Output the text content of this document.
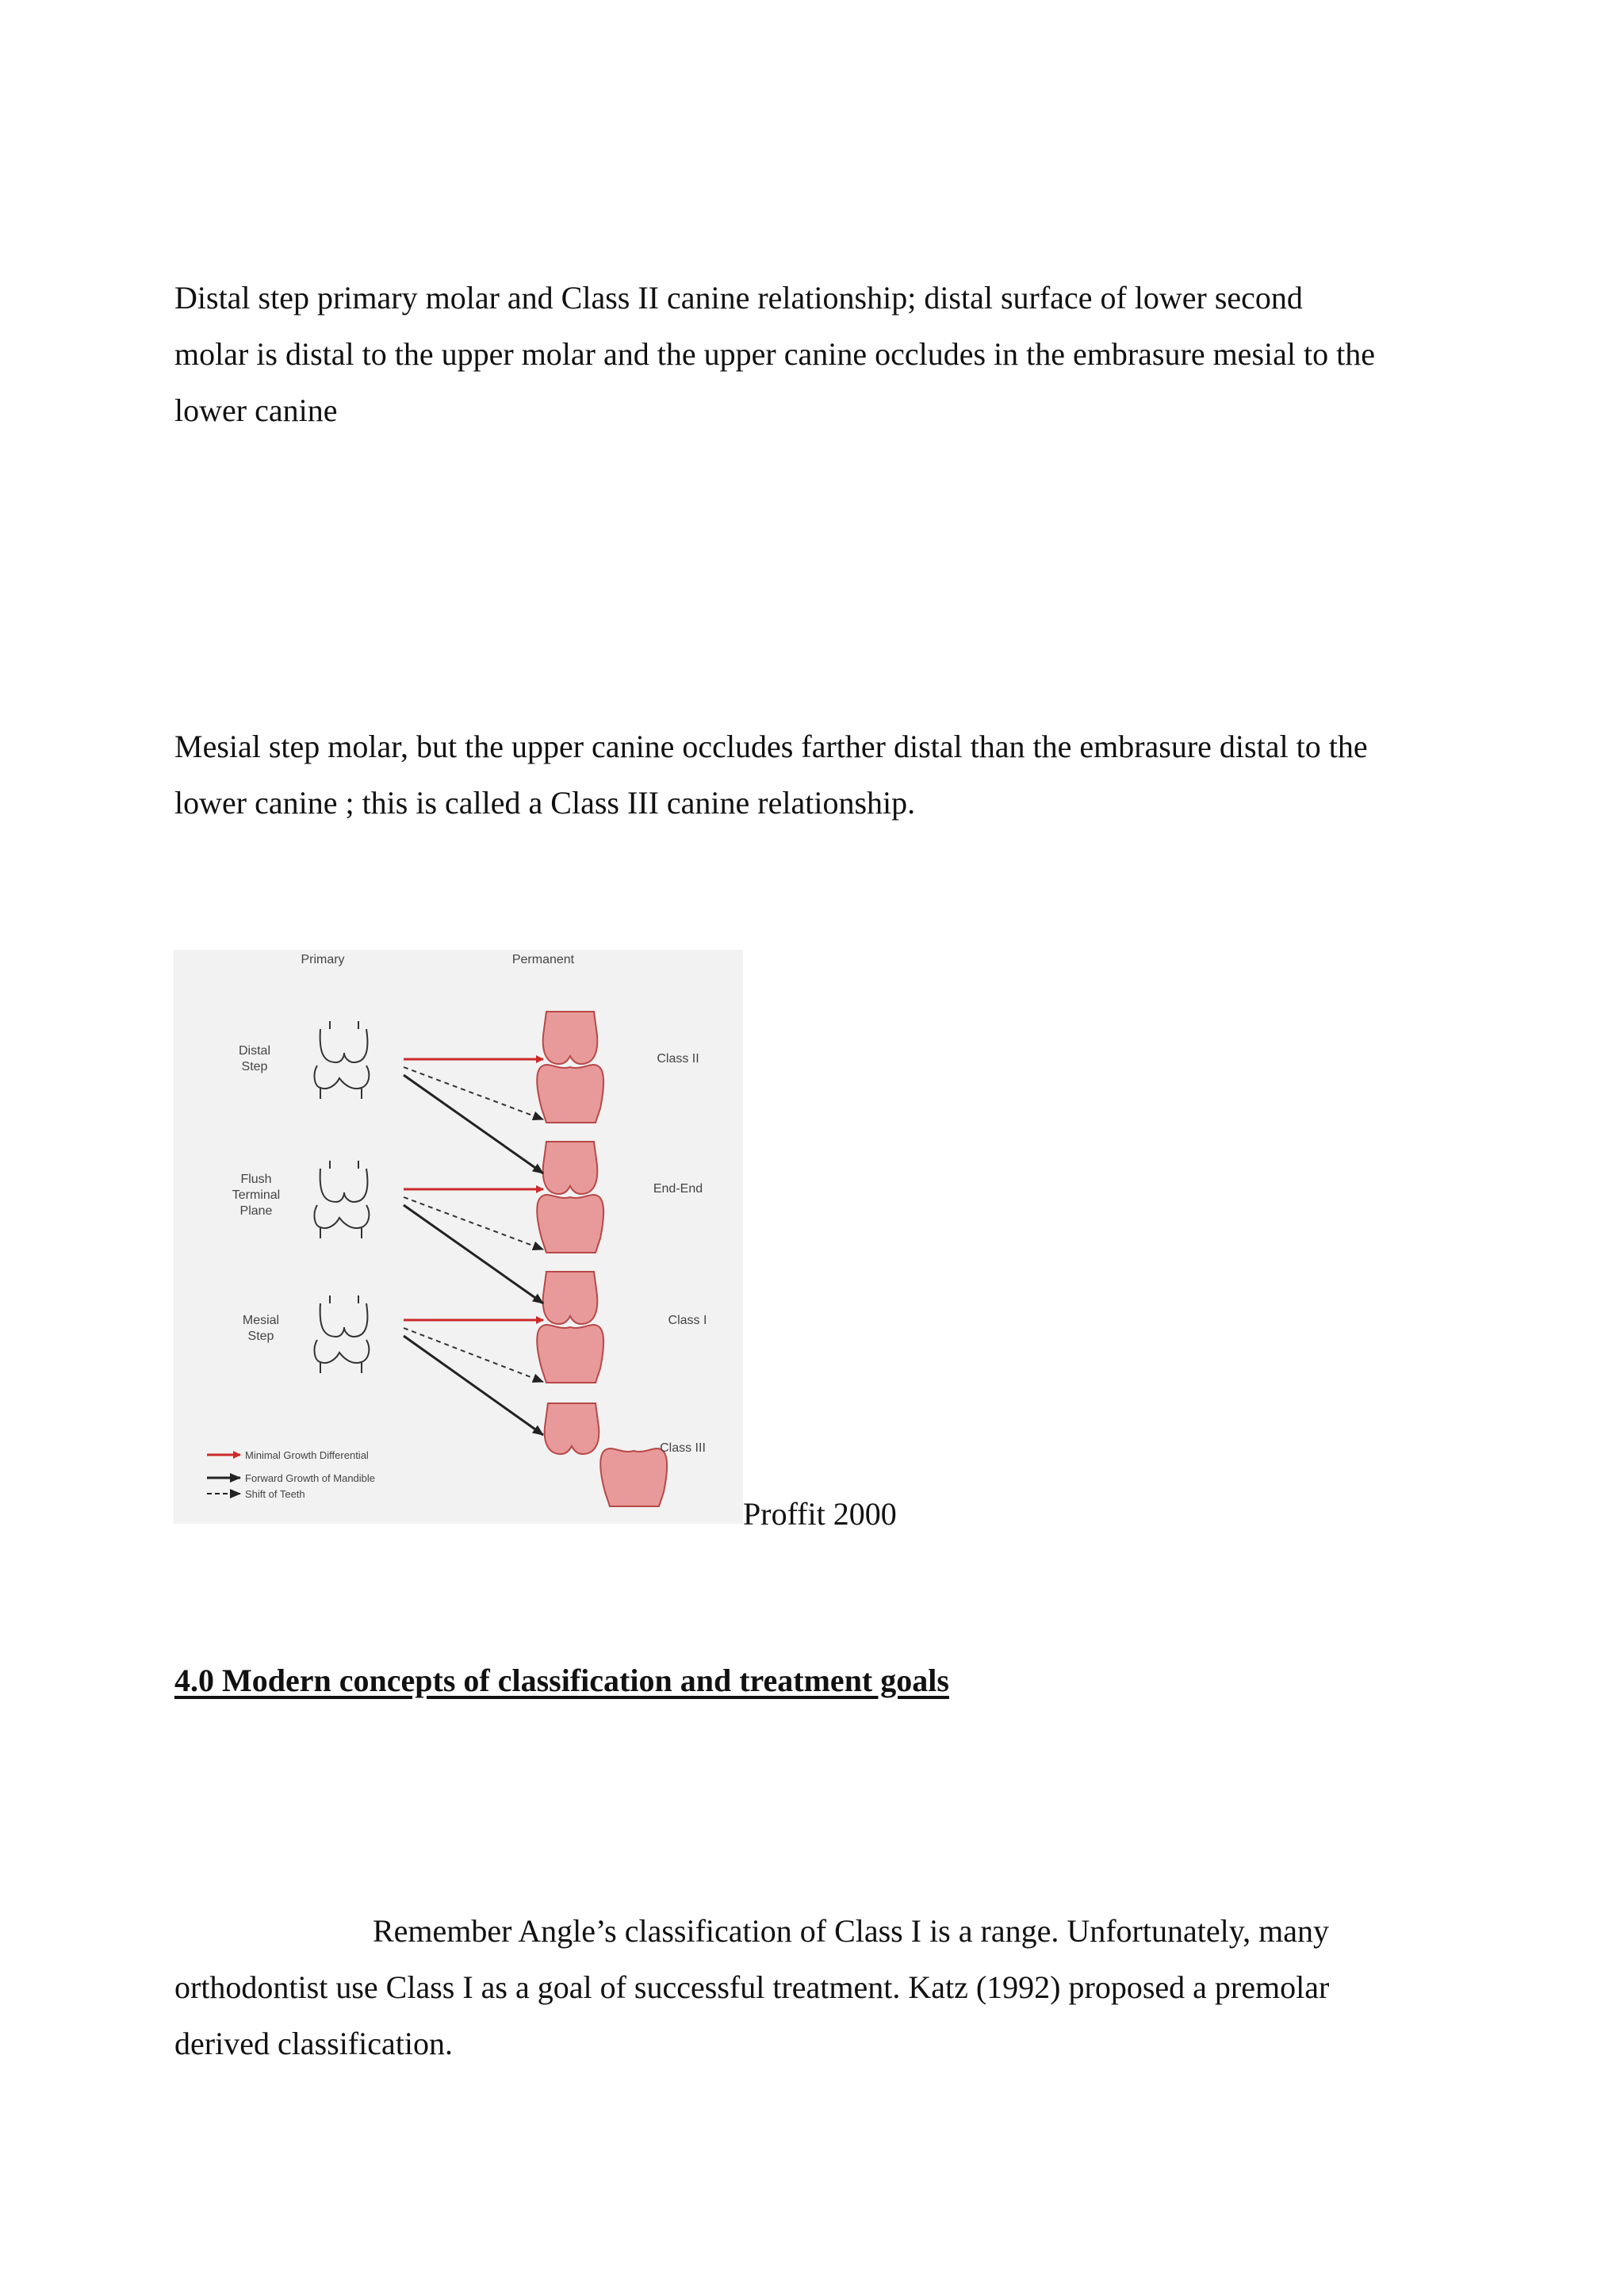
Distal step primary molar and Class II canine relationship; distal surface of lower second molar is distal to the upper molar and the upper canine occludes in the embrasure mesial to the lower canine

Mesial step molar, but the upper canine occludes farther distal than the embrasure distal to the lower canine ; this is called a Class III canine relationship.

Primary	Permanent
Distal
Step
Flush
Terminal
Plane
Mesial
Step
Class II
End-End
Class I
Class III
Minimal Growth Differential
Forward Growth of Mandible
Shift of Teeth

Proffit 2000

4.0 Modern concepts of classification and treatment goals

Remember Angle’s classification of Class I is a range. Unfortunately, many orthodontist use Class I as a goal of successful treatment. Katz (1992) proposed a premolar derived classification.
